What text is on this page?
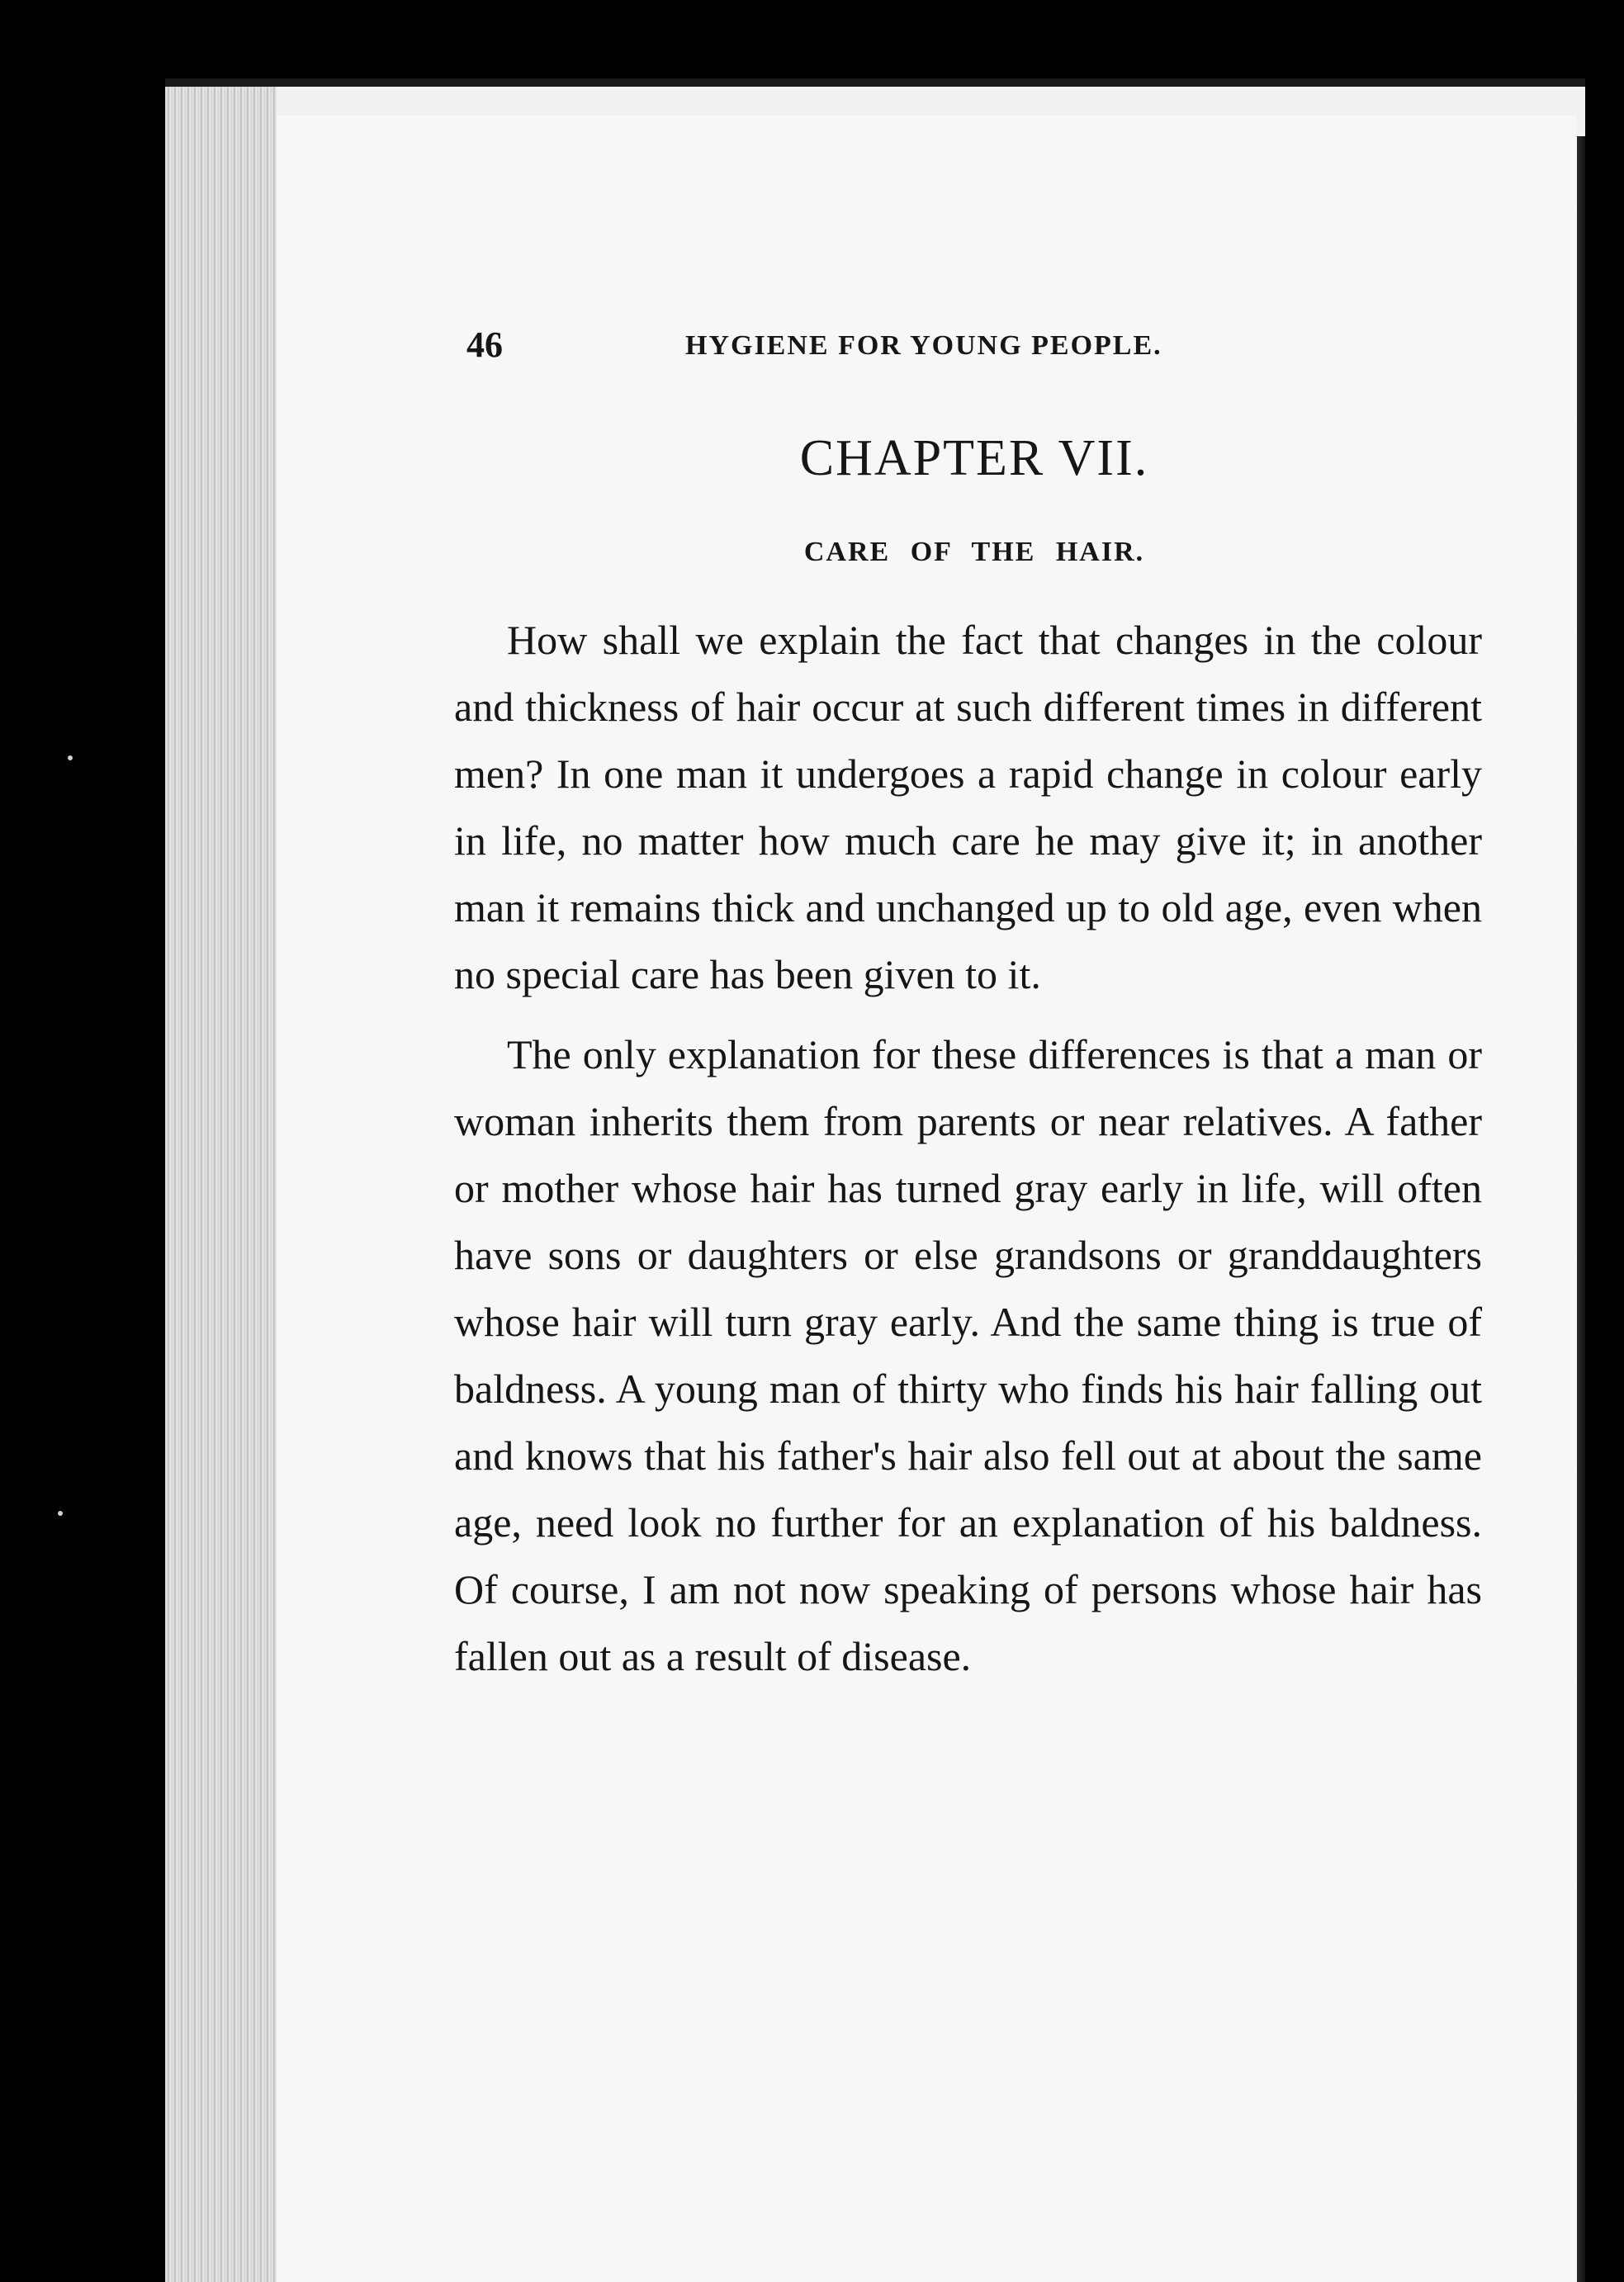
46	HYGIENE FOR YOUNG PEOPLE.
CHAPTER VII.
CARE OF THE HAIR.

How shall we explain the fact that changes in the colour and thickness of hair occur at such different times in different men? In one man it undergoes a rapid change in colour early in life, no matter how much care he may give it; in another man it remains thick and unchanged up to old age, even when no special care has been given to it.

The only explanation for these differences is that a man or woman inherits them from parents or near relatives. A father or mother whose hair has turned gray early in life, will often have sons or daughters or else grandsons or granddaughters whose hair will turn gray early. And the same thing is true of baldness. A young man of thirty who finds his hair falling out and knows that his father's hair also fell out at about the same age, need look no further for an explanation of his baldness. Of course, I am not now speaking of persons whose hair has fallen out as a result of disease.
